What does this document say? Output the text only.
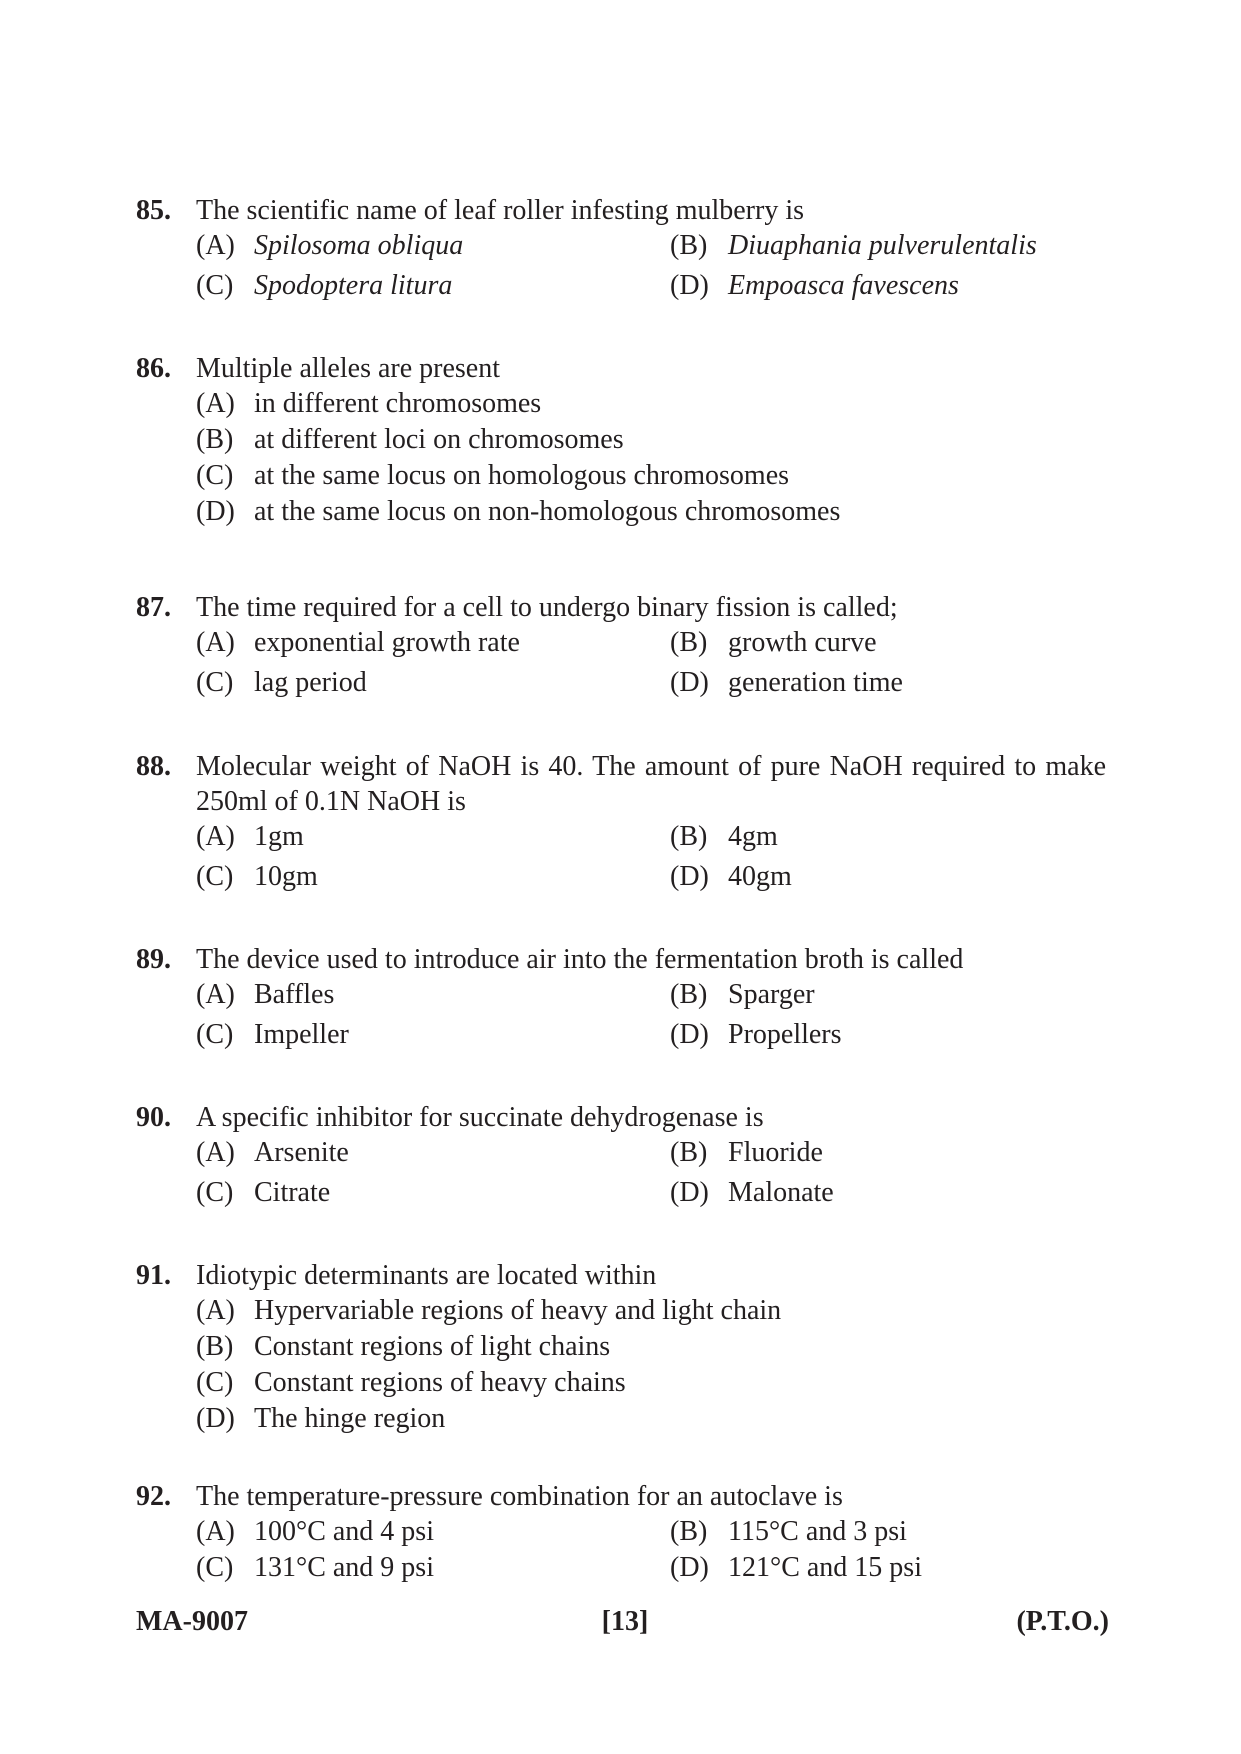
85. The scientific name of leaf roller infesting mulberry is
(A) Spilosoma obliqua	(B) Diuaphania pulverulentalis
(C) Spodoptera litura	(D) Empoasca favescens
86. Multiple alleles are present
(A) in different chromosomes
(B) at different loci on chromosomes
(C) at the same locus on homologous chromosomes
(D) at the same locus on non-homologous chromosomes
87. The time required for a cell to undergo binary fission is called;
(A) exponential growth rate	(B) growth curve
(C) lag period	(D) generation time
88. Molecular weight of NaOH is 40. The amount of pure NaOH required to make 250ml of 0.1N NaOH is
(A) 1gm	(B) 4gm
(C) 10gm	(D) 40gm
89. The device used to introduce air into the fermentation broth is called
(A) Baffles	(B) Sparger
(C) Impeller	(D) Propellers
90. A specific inhibitor for succinate dehydrogenase is
(A) Arsenite	(B) Fluoride
(C) Citrate	(D) Malonate
91. Idiotypic determinants are located within
(A) Hypervariable regions of heavy and light chain
(B) Constant regions of light chains
(C) Constant regions of heavy chains
(D) The hinge region
92. The temperature-pressure combination for an autoclave is
(A) 100°C and 4 psi	(B) 115°C and 3 psi
(C) 131°C and 9 psi	(D) 121°C and 15 psi
MA-9007	[13]	(P.T.O.)
